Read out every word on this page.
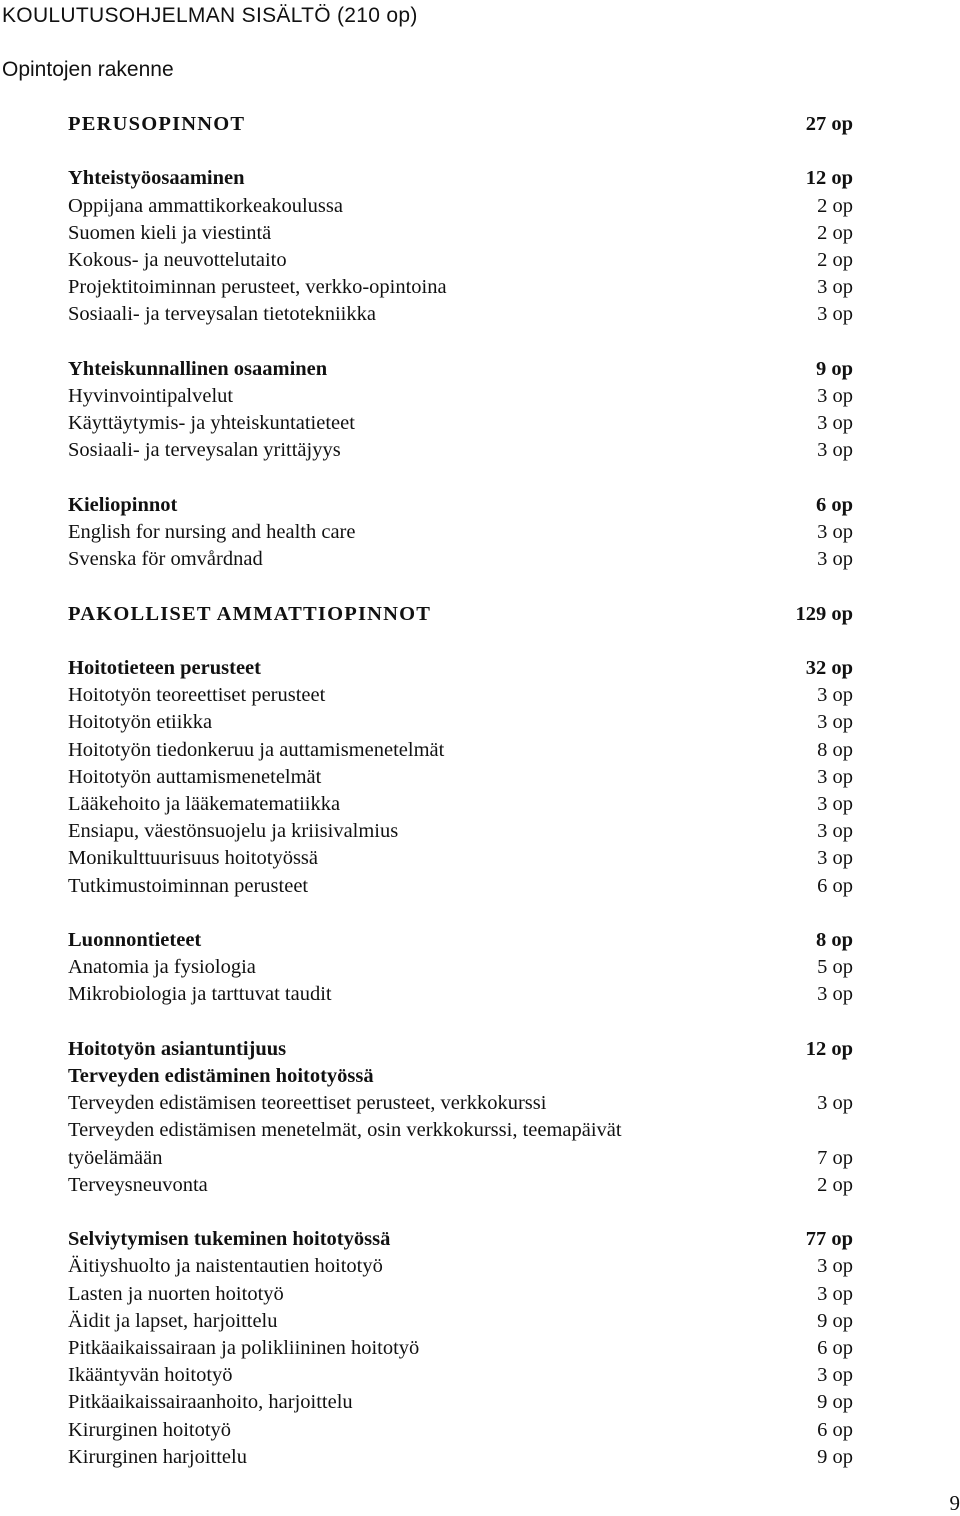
KOULUTUSOHJELMAN SISÄLTÖ (210 op)
Opintojen rakenne
PERUSOPINNOT	27 op
Yhteistyöosaaminen	12 op
Oppijana ammattikorkeakoulussa	2 op
Suomen kieli ja viestintä	2 op
Kokous- ja neuvottelutaito	2 op
Projektitoiminnan perusteet, verkko-opintoina	3 op
Sosiaali- ja terveysalan tietotekniikka	3 op
Yhteiskunnallinen osaaminen	9 op
Hyvinvointipalvelut	3 op
Käyttäytymis- ja yhteiskuntatieteet	3 op
Sosiaali- ja terveysalan yrittäjyys	3 op
Kieliopinnot	6 op
English for nursing and health care	3 op
Svenska för omvårdnad	3 op
PAKOLLISET AMMATTIOPINNOT	129 op
Hoitotieteen perusteet	32 op
Hoitotyön teoreettiset perusteet	3 op
Hoitotyön etiikka	3 op
Hoitotyön tiedonkeruu ja auttamismenetelmät	8 op
Hoitotyön auttamismenetelmät	3 op
Lääkehoito ja lääkematematiikka	3 op
Ensiapu, väestönsuojelu ja kriisivalmius	3 op
Monikulttuurisuus hoitotyössä	3 op
Tutkimustoiminnan perusteet	6 op
Luonnontieteet	8 op
Anatomia ja fysiologia	5 op
Mikrobiologia ja tarttuvat taudit	3 op
Hoitotyön asiantuntijuus	12 op
Terveyden edistäminen hoitotyössä
Terveyden edistämisen teoreettiset perusteet, verkkokurssi	3 op
Terveyden edistämisen menetelmät, osin verkkokurssi, teemapäivät
työelämään	7 op
Terveysneuvonta	2 op
Selviytymisen tukeminen hoitotyössä	77 op
Äitiyshuolto ja naistentautien hoitotyö	3 op
Lasten ja nuorten hoitotyö	3 op
Äidit ja lapset, harjoittelu	9 op
Pitkäaikaissairaan ja polikliininen hoitotyö	6 op
Ikääntyvän hoitotyö	3 op
Pitkäaikaissairaanhoito, harjoittelu	9 op
Kirurginen hoitotyö	6 op
Kirurginen harjoittelu	9 op
9
